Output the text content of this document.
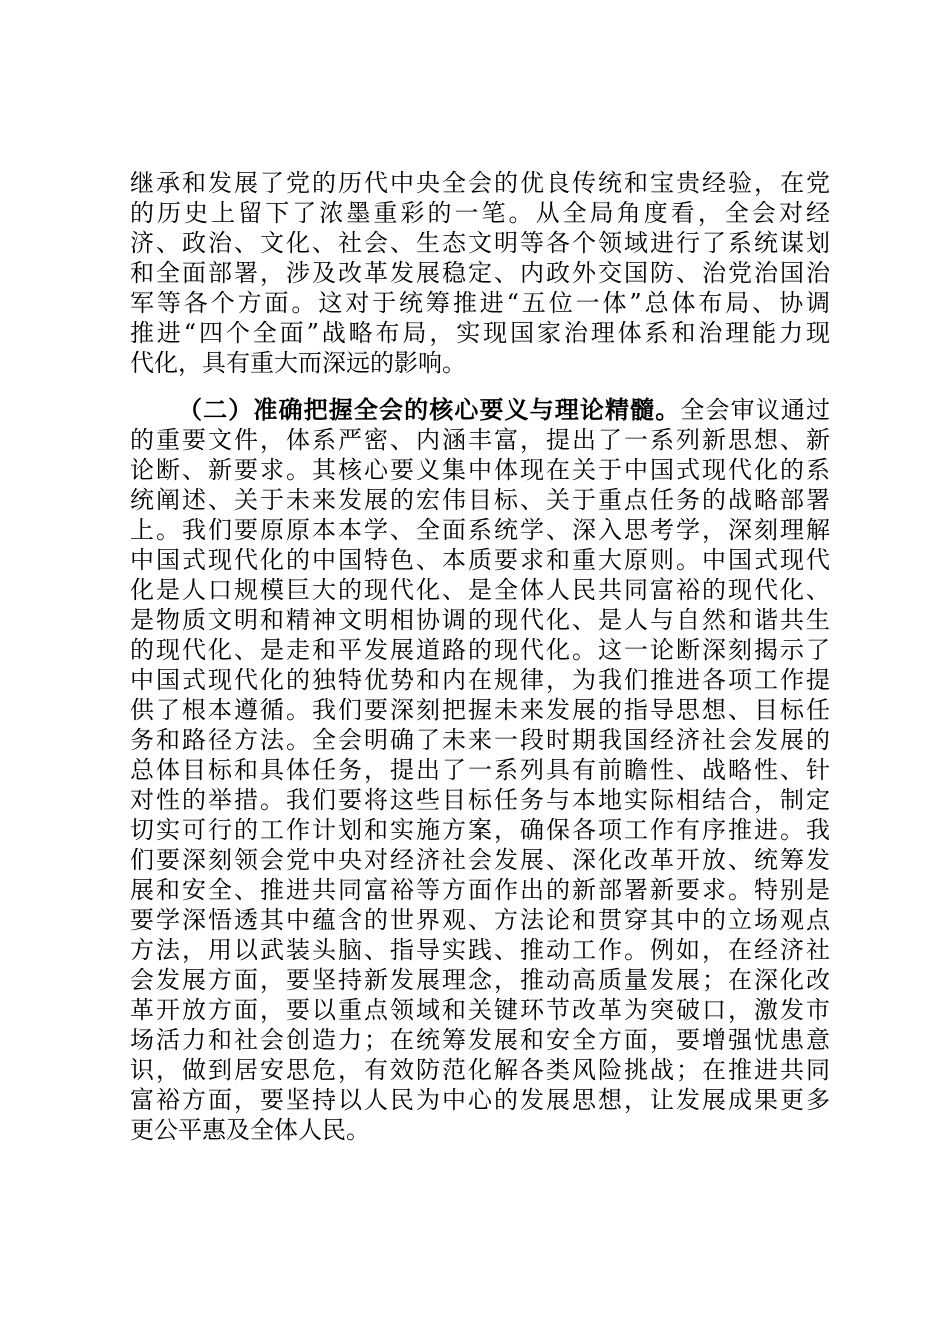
继承和发展了党的历代中央全会的优良传统和宝贵经验，在党
的历史上留下了浓墨重彩的一笔。从全局角度看，全会对经
济、政治、文化、社会、生态文明等各个领域进行了系统谋划
和全面部署，涉及改革发展稳定、内政外交国防、治党治国治
军等各个方面。这对于统筹推进“五位一体”总体布局、协调
推进“四个全面”战略布局，实现国家治理体系和治理能力现
代化，具有重大而深远的影响。
（二）准确把握全会的核心要义与理论精髓。全会审议通过
的重要文件，体系严密、内涵丰富，提出了一系列新思想、新
论断、新要求。其核心要义集中体现在关于中国式现代化的系
统阐述、关于未来发展的宏伟目标、关于重点任务的战略部署
上。我们要原原本本学、全面系统学、深入思考学，深刻理解
中国式现代化的中国特色、本质要求和重大原则。中国式现代
化是人口规模巨大的现代化、是全体人民共同富裕的现代化、
是物质文明和精神文明相协调的现代化、是人与自然和谐共生
的现代化、是走和平发展道路的现代化。这一论断深刻揭示了
中国式现代化的独特优势和内在规律，为我们推进各项工作提
供了根本遵循。我们要深刻把握未来发展的指导思想、目标任
务和路径方法。全会明确了未来一段时期我国经济社会发展的
总体目标和具体任务，提出了一系列具有前瞻性、战略性、针
对性的举措。我们要将这些目标任务与本地实际相结合，制定
切实可行的工作计划和实施方案，确保各项工作有序推进。我
们要深刻领会党中央对经济社会发展、深化改革开放、统筹发
展和安全、推进共同富裕等方面作出的新部署新要求。特别是
要学深悟透其中蕴含的世界观、方法论和贯穿其中的立场观点
方法，用以武装头脑、指导实践、推动工作。例如，在经济社
会发展方面，要坚持新发展理念，推动高质量发展；在深化改
革开放方面，要以重点领域和关键环节改革为突破口，激发市
场活力和社会创造力；在统筹发展和安全方面，要增强忧患意
识，做到居安思危，有效防范化解各类风险挑战；在推进共同
富裕方面，要坚持以人民为中心的发展思想，让发展成果更多
更公平惠及全体人民。
